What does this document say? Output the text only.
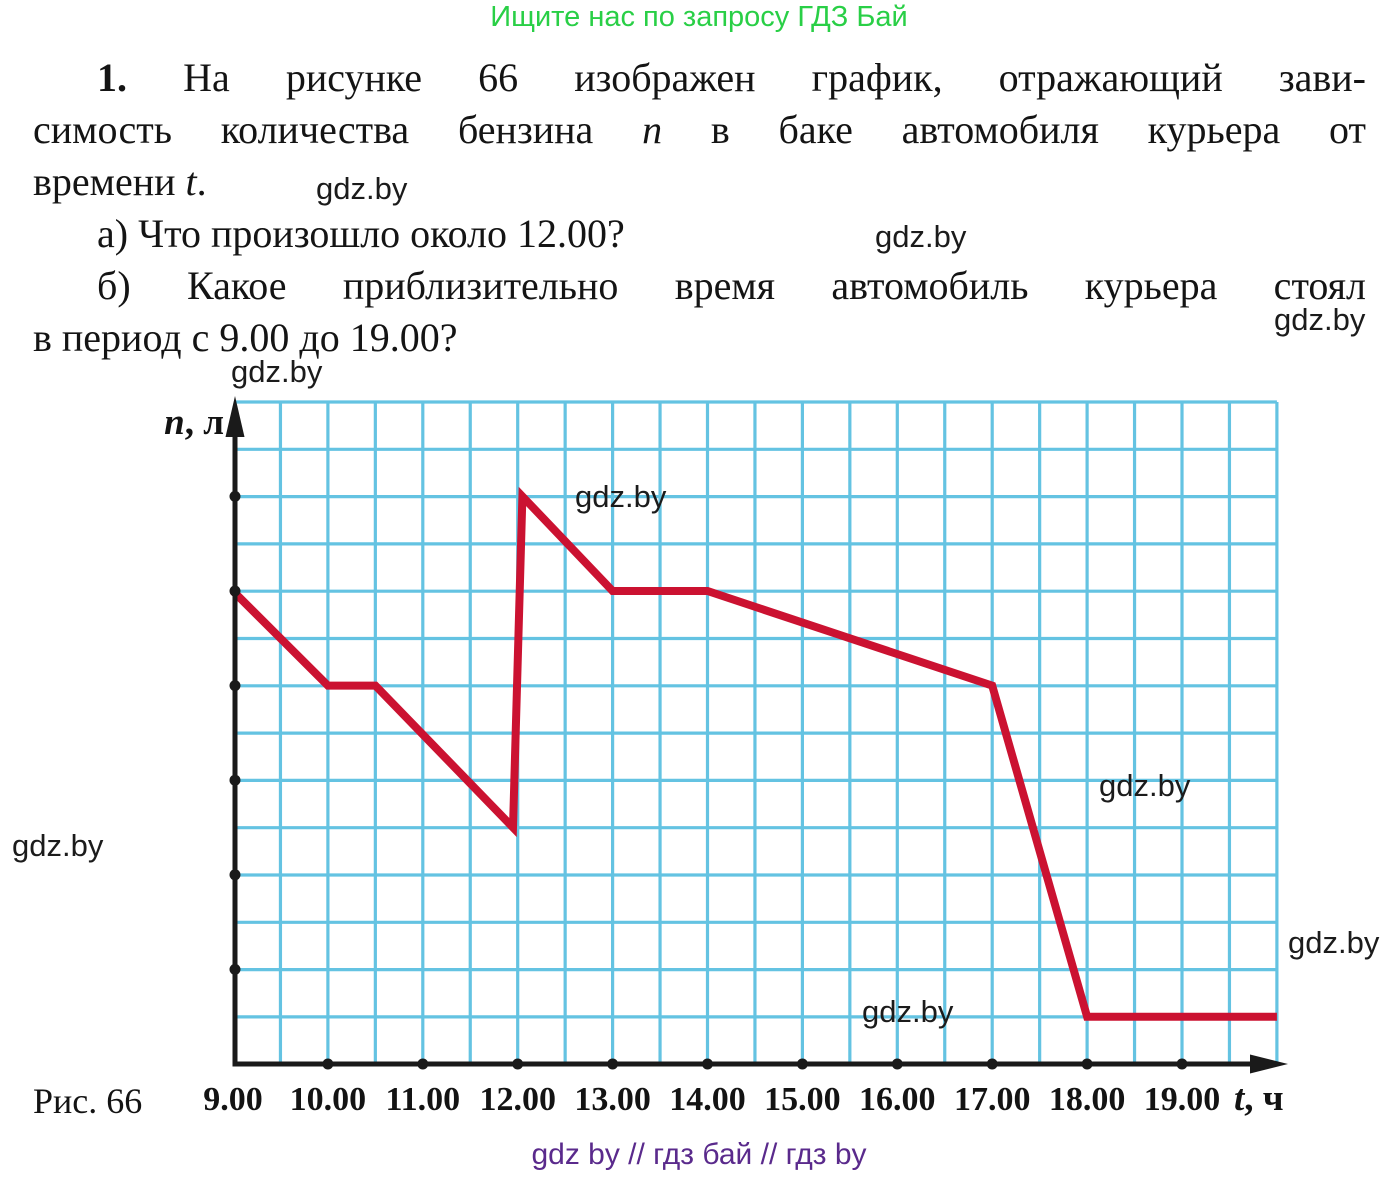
Ищите нас по запросу ГДЗ Бай

1. На рисунке 66 изображен график, отражающий зави-

симость количества бензина n в баке автомобиля курьера от

времени t.

а) Что произошло около 12.00?

б) Какое приблизительно время автомобиль курьера стоял

в период с 9.00 до 19.00?

9.00 10.00 11.00 12.00 13.00 14.00 15.00 16.00 17.00 18.00 19.00
n, л
t, ч
Рис. 66
gdz.by
gdz.by
gdz.by
gdz.by
gdz.by
gdz.by
gdz.by
gdz.by
gdz.by
gdz by // гдз бай // гдз by
